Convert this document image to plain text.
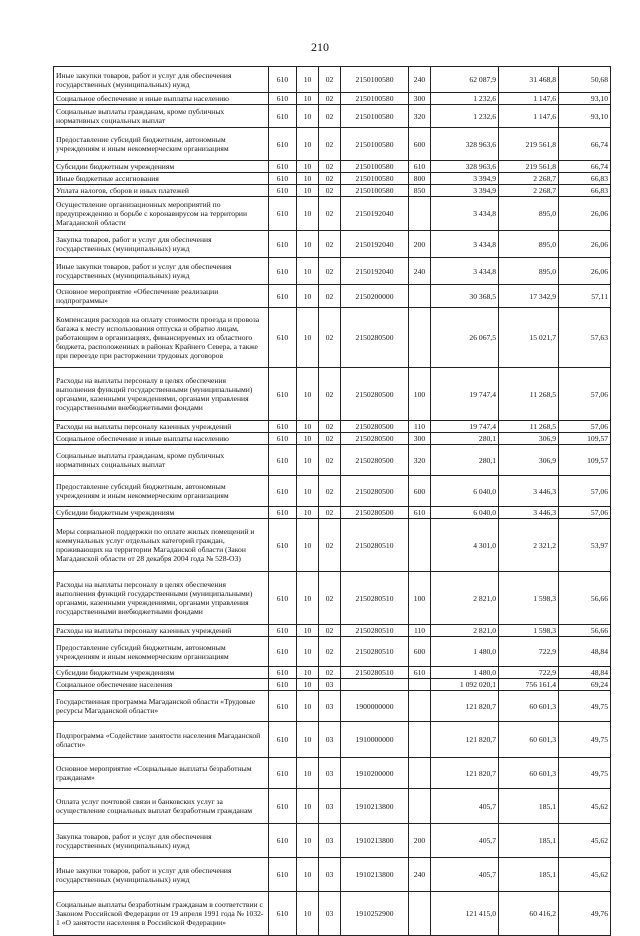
210
Иные закупки товаров, работ и услуг для обеспечения государственных (муниципальных) нужд	610	10	02	2150100580	240	62 087,9	31 468,8	50,68
Социальное обеспечение и иные выплаты населению	610	10	02	2150100580	300	1 232,6	1 147,6	93,10
Социальные выплаты гражданам, кроме публичных нормативных социальных выплат	610	10	02	2150100580	320	1 232,6	1 147,6	93,10
Предоставление субсидий бюджетным, автономным учреждениям и иным некоммерческим организациям	610	10	02	2150100580	600	328 963,6	219 561,8	66,74
Субсидии бюджетным учреждениям	610	10	02	2150100580	610	328 963,6	219 561,8	66,74
Иные бюджетные ассигнования	610	10	02	2150100580	800	3 394,9	2 268,7	66,83
Уплата налогов, сборов и иных платежей	610	10	02	2150100580	850	3 394,9	2 268,7	66,83
Осуществление организационных мероприятий по предупреждению и борьбе с коронавирусом на территории Магаданской области	610	10	02	2150192040		3 434,8	895,0	26,06
Закупка товаров, работ и услуг для обеспечения государственных (муниципальных) нужд	610	10	02	2150192040	200	3 434,8	895,0	26,06
Иные закупки товаров, работ и услуг для обеспечения государственных (муниципальных) нужд	610	10	02	2150192040	240	3 434,8	895,0	26,06
Основное мероприятие «Обеспечение реализации подпрограммы»	610	10	02	2150200000		30 368,5	17 342,9	57,11
Компенсация расходов на оплату стоимости проезда и провоза багажа к месту использования отпуска и обратно лицам, работающим в организациях, финансируемых из областного бюджета, расположенных в районах Крайнего Севера, а также при переезде при расторжении трудовых договоров	610	10	02	2150280500		26 067,5	15 021,7	57,63
Расходы на выплаты персоналу в целях обеспечения выполнения функций государственными (муниципальными) органами, казенными учреждениями, органами управления государственными внебюджетными фондами	610	10	02	2150280500	100	19 747,4	11 268,5	57,06
Расходы на выплаты персоналу казенных учреждений	610	10	02	2150280500	110	19 747,4	11 268,5	57,06
Социальное обеспечение и иные выплаты населению	610	10	02	2150280500	300	280,1	306,9	109,57
Социальные выплаты гражданам, кроме публичных нормативных социальных выплат	610	10	02	2150280500	320	280,1	306,9	109,57
Предоставление субсидий бюджетным, автономным учреждениям и иным некоммерческим организациям	610	10	02	2150280500	600	6 040,0	3 446,3	57,06
Субсидии бюджетным учреждениям	610	10	02	2150280500	610	6 040,0	3 446,3	57,06
Меры социальной поддержки по оплате жилых помещений и коммунальных услуг отдельных категорий граждан, проживающих на территории Магаданской области (Закон Магаданской области от 28 декабря 2004 года № 528-ОЗ)	610	10	02	2150280510		4 301,0	2 321,2	53,97
Расходы на выплаты персоналу в целях обеспечения выполнения функций государственными (муниципальными) органами, казенными учреждениями, органами управления государственными внебюджетными фондами	610	10	02	2150280510	100	2 821,0	1 598,3	56,66
Расходы на выплаты персоналу казенных учреждений	610	10	02	2150280510	110	2 821,0	1 598,3	56,66
Предоставление субсидий бюджетным, автономным учреждениям и иным некоммерческим организациям	610	10	02	2150280510	600	1 480,0	722,9	48,84
Субсидии бюджетным учреждениям	610	10	02	2150280510	610	1 480,0	722,9	48,84
Социальное обеспечение населения	610	10	03			1 092 020,1	756 161,4	69,24
Государственная программа Магаданской области «Трудовые ресурсы Магаданской области»	610	10	03	1900000000		121 820,7	60 601,3	49,75
Подпрограмма «Содействие занятости населения Магаданской области»	610	10	03	1910000000		121 820,7	60 601,3	49,75
Основное мероприятие «Социальные выплаты безработным гражданам»	610	10	03	1910200000		121 820,7	60 601,3	49,75
Оплата услуг почтовой связи и банковских услуг за осуществление социальных выплат безработным гражданам	610	10	03	1910213800		405,7	185,1	45,62
Закупка товаров, работ и услуг для обеспечения государственных (муниципальных) нужд	610	10	03	1910213800	200	405,7	185,1	45,62
Иные закупки товаров, работ и услуг для обеспечения государственных (муниципальных) нужд	610	10	03	1910213800	240	405,7	185,1	45,62
Социальные выплаты безработным гражданам в соответствии с Законом Российской Федерации от 19 апреля 1991 года № 1032-1 «О занятости населения в Российской Федерации»	610	10	03	1910252900		121 415,0	60 416,2	49,76
